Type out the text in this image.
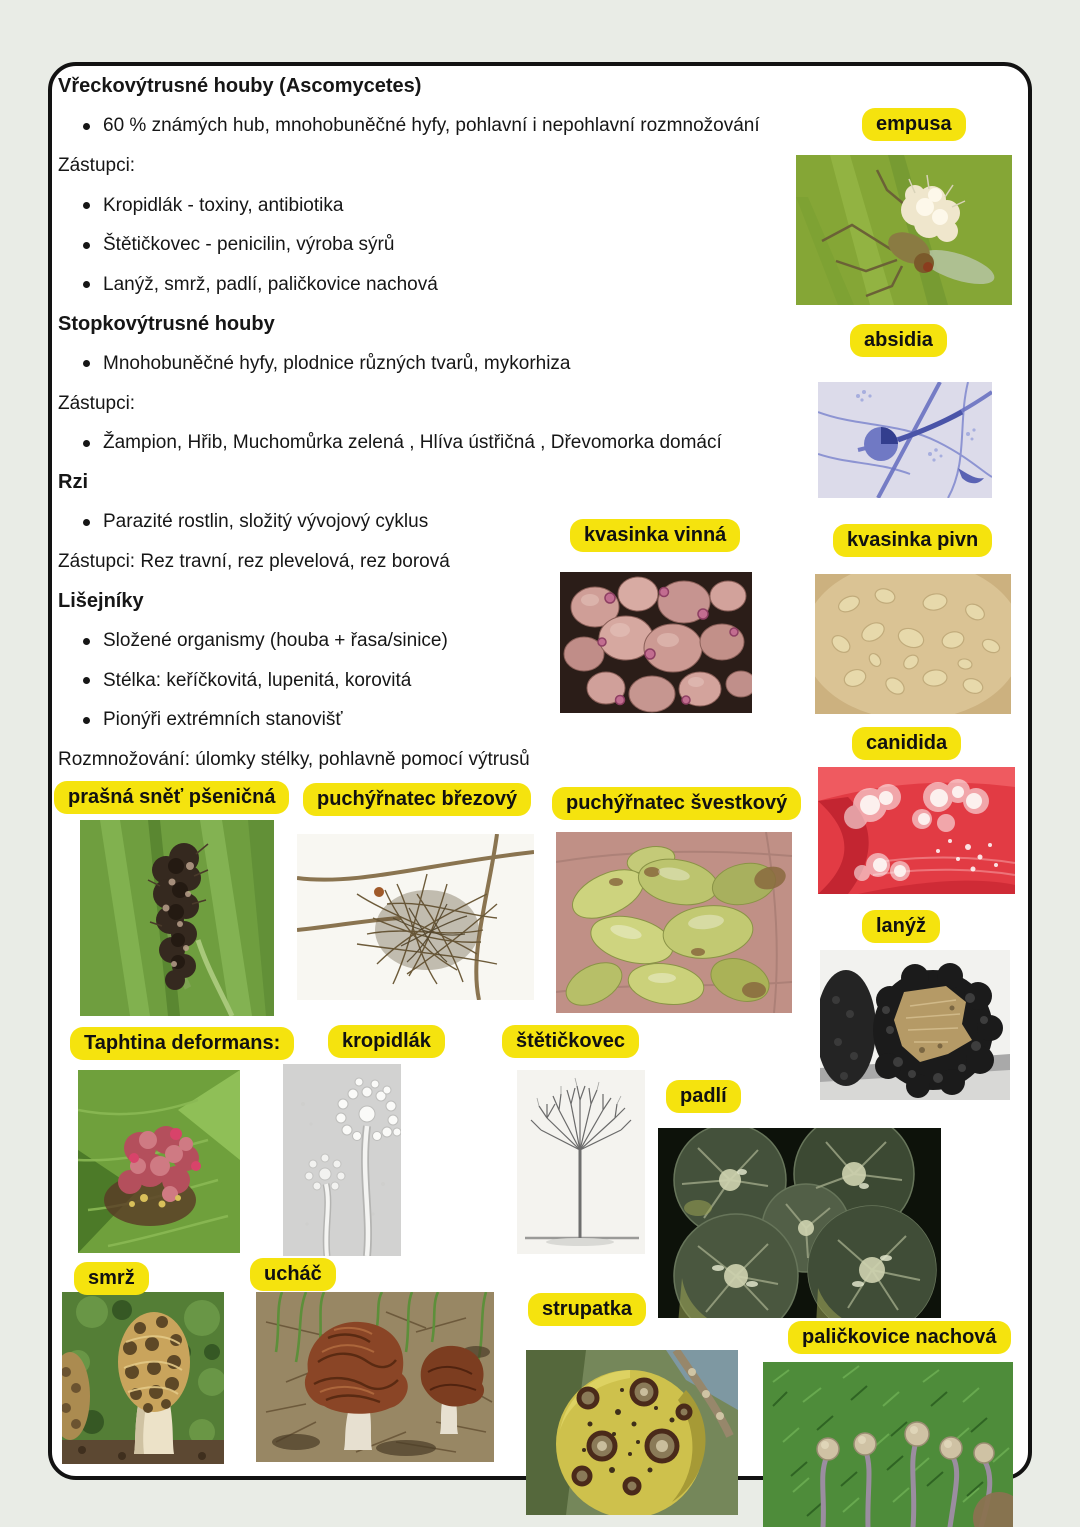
Vřeckovýtrusné houby (Ascomycetes)
60 % známých hub, mnohobuněčné hyfy, pohlavní i nepohlavní rozmnožování
Zástupci:
Kropidlák - toxiny, antibiotika
Štětičkovec - penicilin, výroba sýrů
Lanýž, smrž, padlí, paličkovice nachová
Stopkovýtrusné houby
Mnohobuněčné hyfy, plodnice různých tvarů, mykorhiza
Zástupci:
Žampion, Hřib, Muchomůrka zelená , Hlíva ústřičná , Dřevomorka domácí
Rzi
Parazité rostlin, složitý vývojový cyklus
Zástupci: Rez travní, rez plevelová, rez borová
Lišejníky
Složené organismy (houba + řasa/sinice)
Stélka: keříčkovitá, lupenitá, korovitá
Pionýři extrémních stanovišť
Rozmnožování: úlomky stélky, pohlavně pomocí výtrusů
empusa
absidia
kvasinka vinná	kvasinka pivn
canidida
lanýž
prašná sněť pšeničná	puchýřnatec březový	puchýřnatec švestkový
Taphtina deformans:	kropidlák	štětičkovec
padlí
smrž	ucháč
strupatka
paličkovice nachová
